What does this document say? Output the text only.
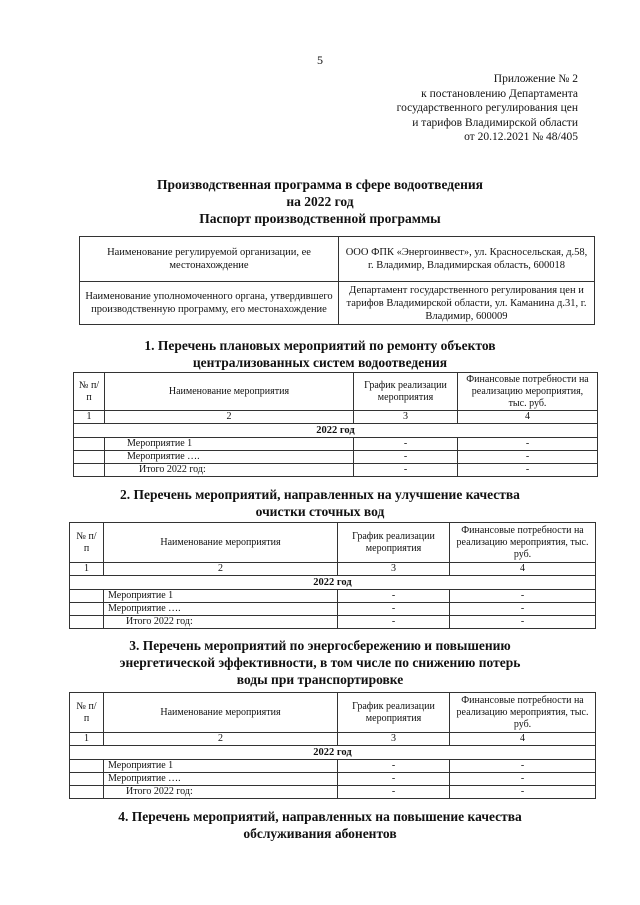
5
Приложение № 2
к постановлению Департамента
государственного регулирования цен
и тарифов Владимирской области
от 20.12.2021 № 48/405
Производственная программа в сфере водоотведения
на 2022 год
Паспорт производственной программы
Наименование регулируемой организации, ее местонахождение	ООО ФПК «Энергоинвест», ул. Красносельская, д.58, г. Владимир, Владимирская область, 600018
Наименование уполномоченного органа, утвердившего производственную программу, его местонахождение	Департамент государственного регулирования цен и тарифов Владимирской области, ул. Каманина д.31, г. Владимир, 600009
1. Перечень плановых мероприятий по ремонту объектов
централизованных систем водоотведения
№ п/п	Наименование мероприятия	График реализации мероприятия	Финансовые потребности на реализацию мероприятия, тыс. руб.
1	2	3	4
2022 год			
	Мероприятие 1	-	-
	Мероприятие ….	-	-
	Итого 2022 год:	-	-
2. Перечень мероприятий, направленных на улучшение качества
очистки сточных вод
№ п/п	Наименование мероприятия	График реализации мероприятия	Финансовые потребности на реализацию мероприятия, тыс. руб.
1	2	3	4
2022 год			
	Мероприятие 1	-	-
	Мероприятие ….	-	-
	Итого 2022 год:	-	-
3. Перечень мероприятий по энергосбережению и повышению
энергетической эффективности, в том числе по снижению потерь
воды при транспортировке
№ п/п	Наименование мероприятия	График реализации мероприятия	Финансовые потребности на реализацию мероприятия, тыс. руб.
1	2	3	4
2022 год			
	Мероприятие 1	-	-
	Мероприятие ….	-	-
	Итого 2022 год:	-	-
4. Перечень мероприятий, направленных на повышение качества
обслуживания абонентов
